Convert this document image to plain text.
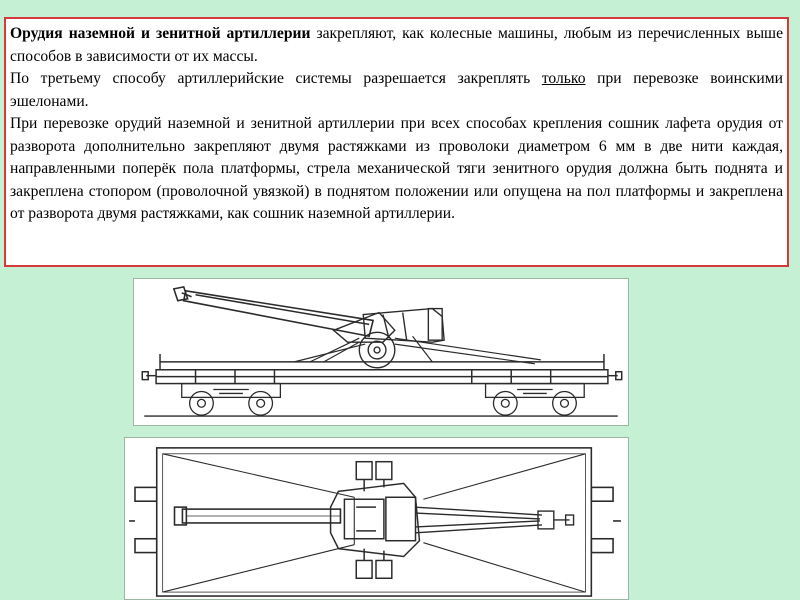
Орудия наземной и зенитной артиллерии закрепляют, как колесные машины, любым из перечисленных выше способов в зависимости от их массы.

По третьему способу артиллерийские системы разрешается закреплять только при перевозке воинскими эшелонами.

При перевозке орудий наземной и зенитной артиллерии при всех способах крепления сошник лафета орудия от разворота дополнительно закрепляют двумя растяжками из проволоки диаметром 6 мм в две нити каждая, направленными поперёк пола платформы, стрела механической тяги зенитного орудия должна быть поднята и закреплена стопором (проволочной увязкой) в поднятом положении или опущена на пол платформы и закреплена от разворота двумя растяжками, как сошник наземной артиллерии.
